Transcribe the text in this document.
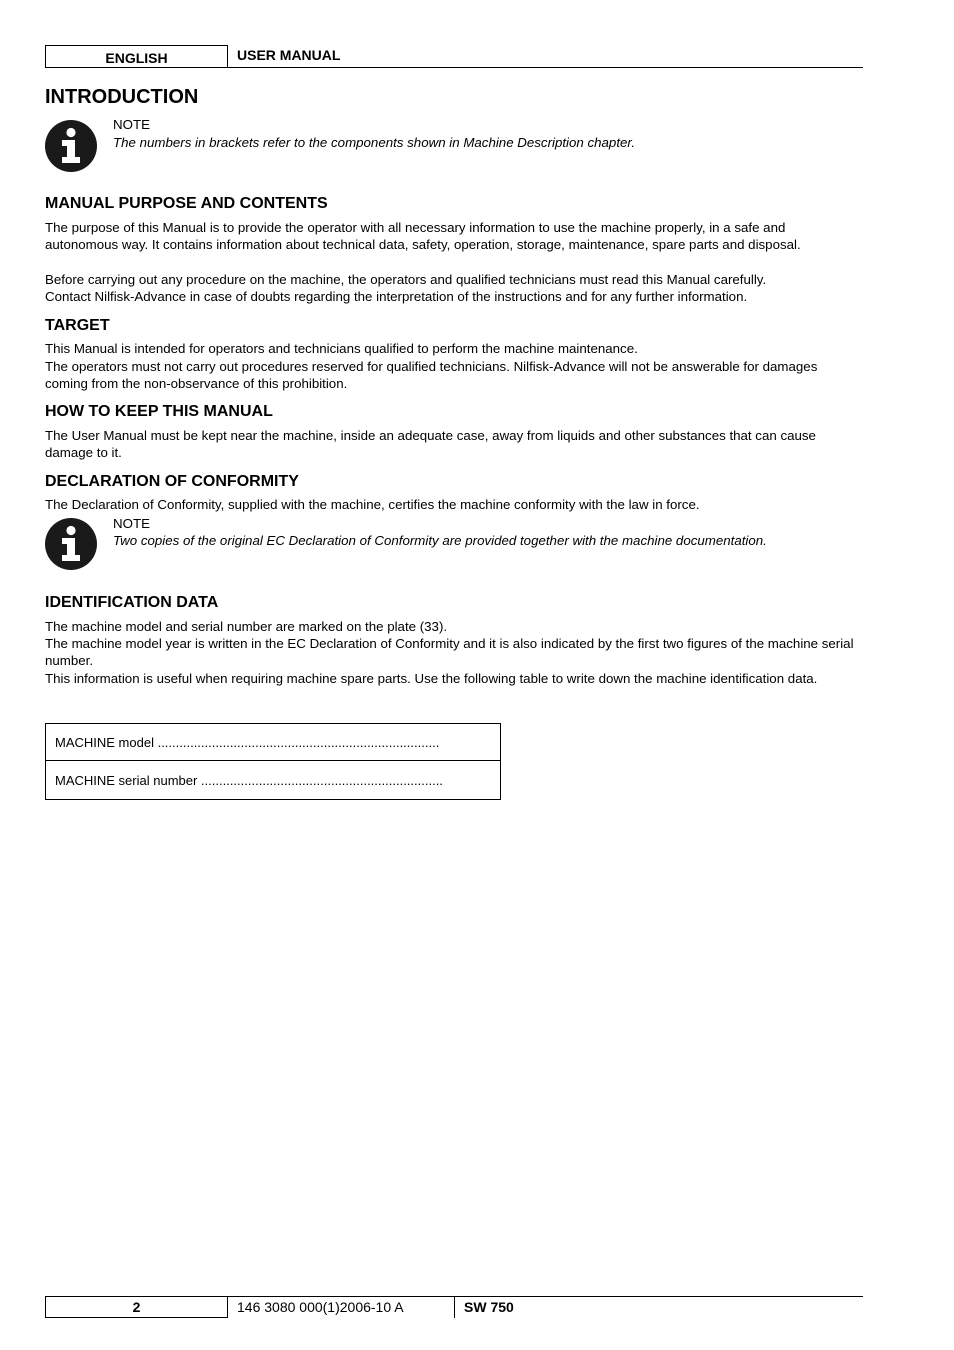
ENGLISH	USER MANUAL
INTRODUCTION
NOTE
The numbers in brackets refer to the components shown in Machine Description chapter.
MANUAL PURPOSE AND CONTENTS

The purpose of this Manual is to provide the operator with all necessary information to use the machine properly, in a safe and autonomous way. It contains information about technical data, safety, operation, storage, maintenance, spare parts and disposal.

Before carrying out any procedure on the machine, the operators and qualified technicians must read this Manual carefully.

Contact Nilfisk-Advance in case of doubts regarding the interpretation of the instructions and for any further information.

TARGET

This Manual is intended for operators and technicians qualified to perform the machine maintenance.

The operators must not carry out procedures reserved for qualified technicians. Nilfisk-Advance will not be answerable for damages coming from the non-observance of this prohibition.

HOW TO KEEP THIS MANUAL

The User Manual must be kept near the machine, inside an adequate case, away from liquids and other substances that can cause damage to it.

DECLARATION OF CONFORMITY

The Declaration of Conformity, supplied with the machine, certifies the machine conformity with the law in force.

NOTE
Two copies of the original EC Declaration of Conformity are provided together with the machine documentation.
IDENTIFICATION DATA

The machine model and serial number are marked on the plate (33).

The machine model year is written in the EC Declaration of Conformity and it is also indicated by the first two figures of the machine serial number.

This information is useful when requiring machine spare parts. Use the following table to write down the machine identification data.

MACHINE model ..............................................................................
MACHINE serial number ...................................................................
2	146 3080 000(1)2006-10 A	SW 750
